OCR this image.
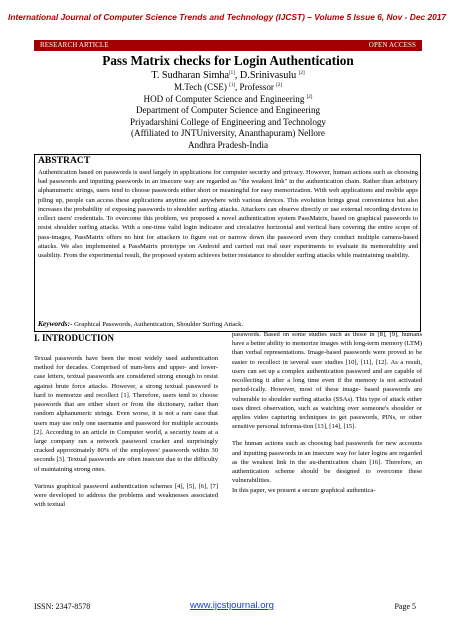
International Journal of Computer Science Trends and Technology (IJCST) – Volume 5 Issue 6, Nov - Dec 2017
RESEARCH ARTICLE	OPEN ACCESS
Pass Matrix checks for Login Authentication
T. Sudharan Simha[1], D.Srinivasulu [2]
M.Tech (CSE) [1], Professor [2]
HOD of Computer Science and Engineering [2]
Department of Computer Science and Engineering
Priyadarshini College of Engineering and Technology
(Affiliated to JNTUniversity, Ananthapuram) Nellore
Andhra Pradesh-India
ABSTRACT
Authentication based on passwords is used largely in applications for computer security and privacy. However, human actions such as choosing bad passwords and inputting passwords in an insecure way are regarded as "the weakest link" in the authentication chain. Rather than arbitrary alphanumeric strings, users tend to choose passwords either short or meaningful for easy memorization. With web applications and mobile apps piling up, people can access these applications anytime and anywhere with various devices. This evolution brings great convenience but also increases the probability of exposing passwords to shoulder surfing attacks. Attackers can observe directly or use external recording devices to collect users' credentials. To overcome this problem, we proposed a novel authentication system PassMatrix, based on graphical passwords to resist shoulder surfing attacks. With a one-time valid login indicator and circulative horizontal and vertical bars covering the entire scope of pass-images, PassMatrix offers no hint for attackers to figure out or narrow down the password even they conduct multiple camera-based attacks. We also implemented a PassMatrix prototype on Android and carried out real user experiments to evaluate its memorability and usability. From the experimental result, the proposed system achieves better resistance to shoulder surfing attacks while maintaining usability.
Keywords:- Graphical Passwords, Authentication, Shoulder Surfing Attack.
I. INTRODUCTION

Texual passwords have been the most widely used authentication method for decades. Comprised of num-bers and upper- and lower-case letters, textual passwords are considered strong enough to resist against brute force attacks. However, a strong textual password is hard to memorize and recollect [1]. Therefore, users tend to choose passwords that are either short or from the dictionary, rather than random alphanumeric strings. Even worse, it is not a rare case that users may use only one username and password for multiple accounts [2]. According to an article in Computer world, a security team at a large company ran a network password cracker and surprisingly cracked approximately 80% of the employees' passwords within 30 seconds [3]. Textual passwords are often insecure due to the difficulty of maintaining strong ones.

Various graphical password authentication schemes [4], [5], [6], [7] were developed to address the problems and weaknesses associated with textual

passwords. Based on some studies such as those in [8], [9], humans have a better ability to memorize images with long-term memory (LTM) than verbal representations. Image-based passwords were proved to be easier to recollect in several user studies [10], [11], [12]. As a result, users can set up a complex authentication password and are capable of recollecting it after a long time even if the memory is not activated period-ically. However, most of these image- based passwords are vulnerable to shoulder surfing attacks (SSAs). This type of attack either uses direct observation, such as watching over someone's shoulder or applies video capturing techniques to get passwords, PINs, or other sensitive personal informa-tion [13], [14], [15].

The human actions such as choosing bad passwords for new accounts and inputting passwords in an insecure way for later logins are regarded as the weakest link in the au-thentication chain [16]. Therefore, an authentication scheme should be designed to overcome these vulnerabilities.

In this paper, we present a secure graphical authentica-

ISSN: 2347-8578	www.ijcstjournal.org	Page 5
